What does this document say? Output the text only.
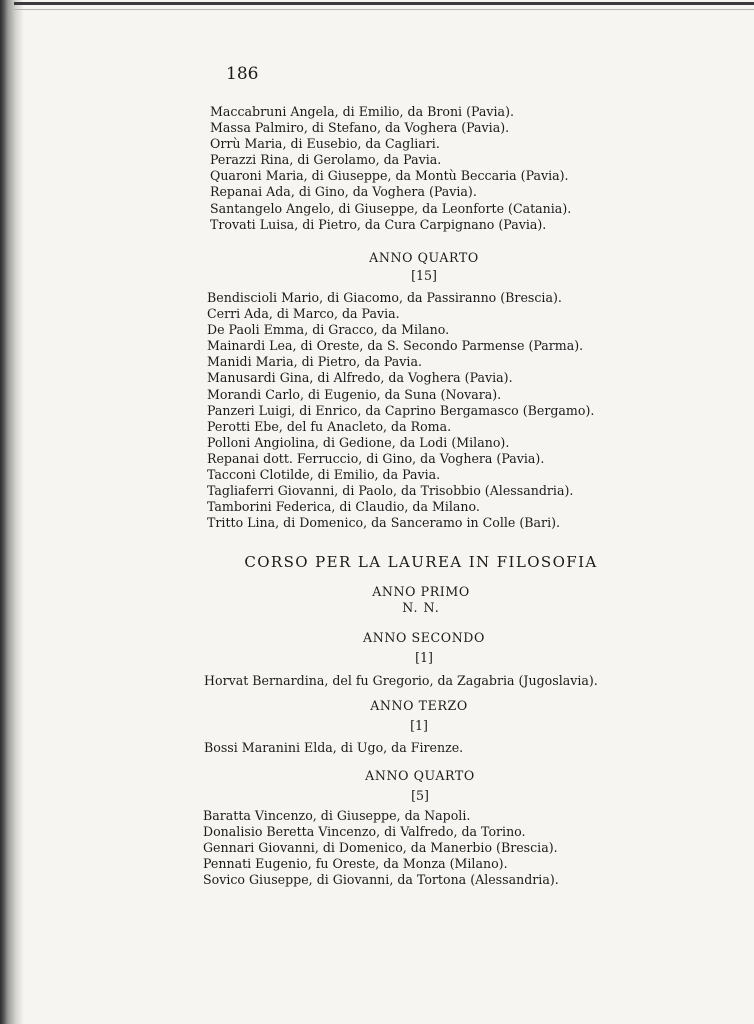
186
Maccabruni Angela, di Emilio, da Broni (Pavia).
Massa Palmiro, di Stefano, da Voghera (Pavia).
Orrù Maria, di Eusebio, da Cagliari.
Perazzi Rina, di Gerolamo, da Pavia.
Quaroni Maria, di Giuseppe, da Montù Beccaria (Pavia).
Repanai Ada, di Gino, da Voghera (Pavia).
Santangelo Angelo, di Giuseppe, da Leonforte (Catania).
Trovati Luisa, di Pietro, da Cura Carpignano (Pavia).
ANNO QUARTO
[15]
Bendiscioli Mario, di Giacomo, da Passiranno (Brescia).
Cerri Ada, di Marco, da Pavia.
De Paoli Emma, di Gracco, da Milano.
Mainardi Lea, di Oreste, da S. Secondo Parmense (Parma).
Manidi Maria, di Pietro, da Pavia.
Manusardi Gina, di Alfredo, da Voghera (Pavia).
Morandi Carlo, di Eugenio, da Suna (Novara).
Panzeri Luigi, di Enrico, da Caprino Bergamasco (Bergamo).
Perotti Ebe, del fu Anacleto, da Roma.
Polloni Angiolina, di Gedione, da Lodi (Milano).
Repanai dott. Ferruccio, di Gino, da Voghera (Pavia).
Tacconi Clotilde, di Emilio, da Pavia.
Tagliaferri Giovanni, di Paolo, da Trisobbio (Alessandria).
Tamborini Federica, di Claudio, da Milano.
Tritto Lina, di Domenico, da Sanceramo in Colle (Bari).
CORSO PER LA LAUREA IN FILOSOFIA
ANNO PRIMO
N. N.
ANNO SECONDO
[1]
Horvat Bernardina, del fu Gregorio, da Zagabria (Jugoslavia).
ANNO TERZO
[1]
Bossi Maranini Elda, di Ugo, da Firenze.
ANNO QUARTO
[5]
Baratta Vincenzo, di Giuseppe, da Napoli.
Donalisio Beretta Vincenzo, di Valfredo, da Torino.
Gennari Giovanni, di Domenico, da Manerbio (Brescia).
Pennati Eugenio, fu Oreste, da Monza (Milano).
Sovico Giuseppe, di Giovanni, da Tortona (Alessandria).
